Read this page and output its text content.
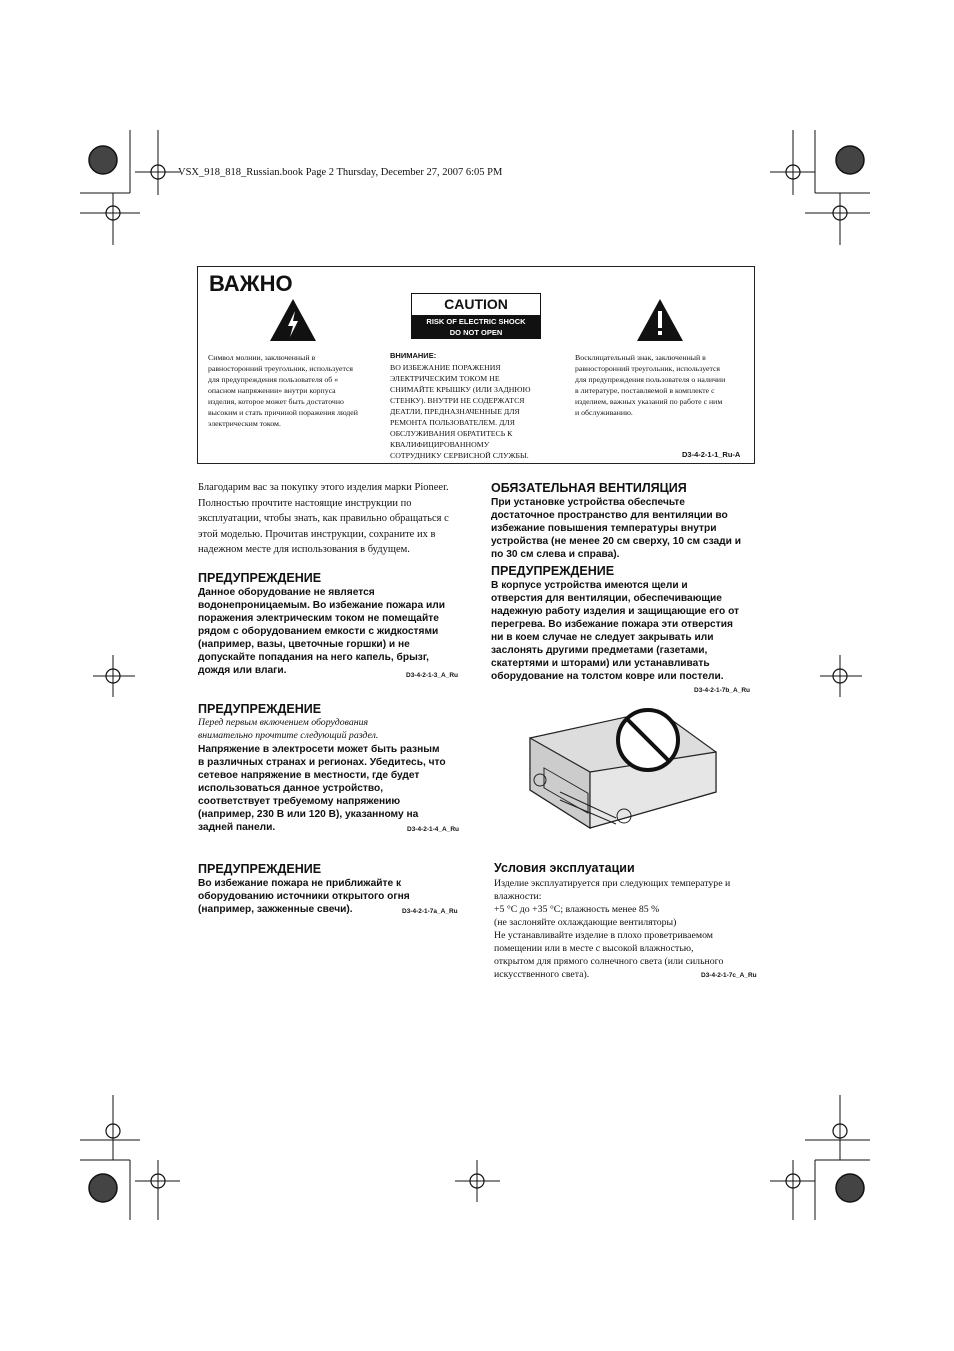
VSX_918_818_Russian.book Page 2 Thursday, December 27, 2007 6:05 PM
ВАЖНО
CAUTION
RISK OF ELECTRIC SHOCK
DO NOT OPEN
Символ молнии, заключенный в
равносторонний треугольник, используется
для предупреждения пользователя об «
опасном напряжении» внутри корпуса
изделия, которое может быть достаточно
высоким и стать причиной поражения людей
электрическим током.
ВНИМАНИЕ:
ВО ИЗБЕЖАНИЕ ПОРАЖЕНИЯ
ЭЛЕКТРИЧЕСКИМ ТОКОМ НЕ
СНИМАЙТЕ КРЫШКУ (ИЛИ ЗАДНЮЮ
СТЕНКУ). ВНУТРИ НЕ СОДЕРЖАТСЯ
ДЕАТЛИ, ПРЕДНАЗНАЧЕННЫЕ ДЛЯ
РЕМОНТА ПОЛЬЗОВАТЕЛЕМ. ДЛЯ
ОБСЛУЖИВАНИЯ ОБРАТИТЕСЬ К
КВАЛИФИЦИРОВАННОМУ
СОТРУДНИКУ СЕРВИСНОЙ СЛУЖБЫ.
Восклицательный знак, заключенный в
равносторонний треугольник, используется
для предупреждения пользователя о наличии
в литературе, поставляемой в комплекте с
изделием, важных указаний по работе с ним
и обслуживанию.
D3-4-2-1-1_Ru-A
Благодарим вас за покупку этого изделия марки Pioneer.
Полностью прочтите настоящие инструкции по
эксплуатации, чтобы знать, как правильно обращаться с
этой моделью. Прочитав инструкции, сохраните их в
надежном месте для использования в будущем.
ПРЕДУПРЕЖДЕНИЕ
Данное оборудование не является
водонепроницаемым. Во избежание пожара или
поражения электрическим током не помещайте
рядом с оборудованием емкости с жидкостями
(например, вазы, цветочные горшки) и не
допускайте попадания на него капель, брызг,
дождя или влаги.	D3-4-2-1-3_A_Ru
ПРЕДУПРЕЖДЕНИЕ
Перед первым включением оборудования
внимательно прочтите следующий раздел.
Напряжение в электросети может быть разным
в различных странах и регионах. Убедитесь, что
сетевое напряжение в местности, где будет
использоваться данное устройство,
соответствует требуемому напряжению
(например, 230 В или 120 В), указанному на
задней панели.	D3-4-2-1-4_A_Ru
ПРЕДУПРЕЖДЕНИЕ
Во избежание пожара не приближайте к
оборудованию источники открытого огня
(например, зажженные свечи).	D3-4-2-1-7a_A_Ru
ОБЯЗАТЕЛЬНАЯ ВЕНТИЛЯЦИЯ
При установке устройства обеспечьте
достаточное пространство для вентиляции во
избежание повышения температуры внутри
устройства (не менее 20 см сверху, 10 см сзади и
по 30 см слева и справа).
ПРЕДУПРЕЖДЕНИЕ
В корпусе устройства имеются щели и
отверстия для вентиляции, обеспечивающие
надежную работу изделия и защищающие его от
перегрева. Во избежание пожара эти отверстия
ни в коем случае не следует закрывать или
заслонять другими предметами (газетами,
скатертями и шторами) или устанавливать
оборудование на толстом ковре или постели.
D3-4-2-1-7b_A_Ru
Условия эксплуатации
Изделие эксплуатируется при следующих температуре и
влажности:
+5 °C до +35 °C; влажность менее 85 %
(не заслоняйте охлаждающие вентиляторы)
Не устанавливайте изделие в плохо проветриваемом
помещении или в месте с высокой влажностью,
открытом для прямого солнечного света (или сильного
искусственного света).	D3-4-2-1-7c_A_Ru
